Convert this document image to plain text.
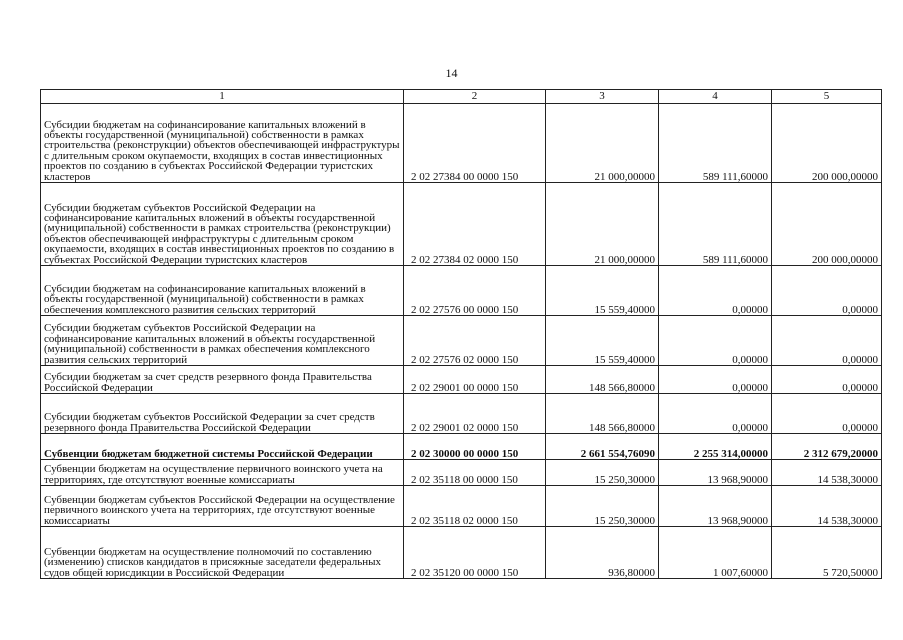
14
1	2	3	4	5
Субсидии бюджетам на софинансирование капитальных вложений в объекты государственной (муниципальной) собственности в рамках строительства (реконструкции) объектов обеспечивающей инфраструктуры с длительным сроком окупаемости, входящих в состав инвестиционных проектов по созданию в субъектах Российской Федерации туристских кластеров	2 02 27384 00 0000 150	21 000,00000	589 111,60000	200 000,00000
Субсидии бюджетам субъектов Российской Федерации на софинансирование капитальных вложений в объекты государственной (муниципальной) собственности в рамках строительства (реконструкции) объектов обеспечивающей инфраструктуры с длительным сроком окупаемости, входящих в состав инвестиционных проектов по созданию в субъектах Российской Федерации туристских кластеров	2 02 27384 02 0000 150	21 000,00000	589 111,60000	200 000,00000
Субсидии бюджетам на софинансирование капитальных вложений в объекты государственной (муниципальной) собственности в рамках обеспечения комплексного развития сельских территорий	2 02 27576 00 0000 150	15 559,40000	0,00000	0,00000
Субсидии бюджетам субъектов Российской Федерации на софинансирование капитальных вложений в объекты государственной (муниципальной) собственности в рамках обеспечения комплексного развития сельских территорий	2 02 27576 02 0000 150	15 559,40000	0,00000	0,00000
Субсидии бюджетам за счет средств резервного фонда Правительства Российской Федерации	2 02 29001 00 0000 150	148 566,80000	0,00000	0,00000
Субсидии бюджетам субъектов Российской Федерации за счет средств резервного фонда Правительства Российской Федерации	2 02 29001 02 0000 150	148 566,80000	0,00000	0,00000
Субвенции бюджетам бюджетной системы Российской Федерации	2 02 30000 00 0000 150	2 661 554,76090	2 255 314,00000	2 312 679,20000
Субвенции бюджетам на осуществление первичного воинского учета на территориях, где отсутствуют военные комиссариаты	2 02 35118 00 0000 150	15 250,30000	13 968,90000	14 538,30000
Субвенции бюджетам субъектов Российской Федерации на осуществление первичного воинского учета на территориях, где отсутствуют военные комиссариаты	2 02 35118 02 0000 150	15 250,30000	13 968,90000	14 538,30000
Субвенции бюджетам на осуществление полномочий по составлению (изменению) списков кандидатов в присяжные заседатели федеральных судов общей юрисдикции в Российской Федерации	2 02 35120 00 0000 150	936,80000	1 007,60000	5 720,50000
